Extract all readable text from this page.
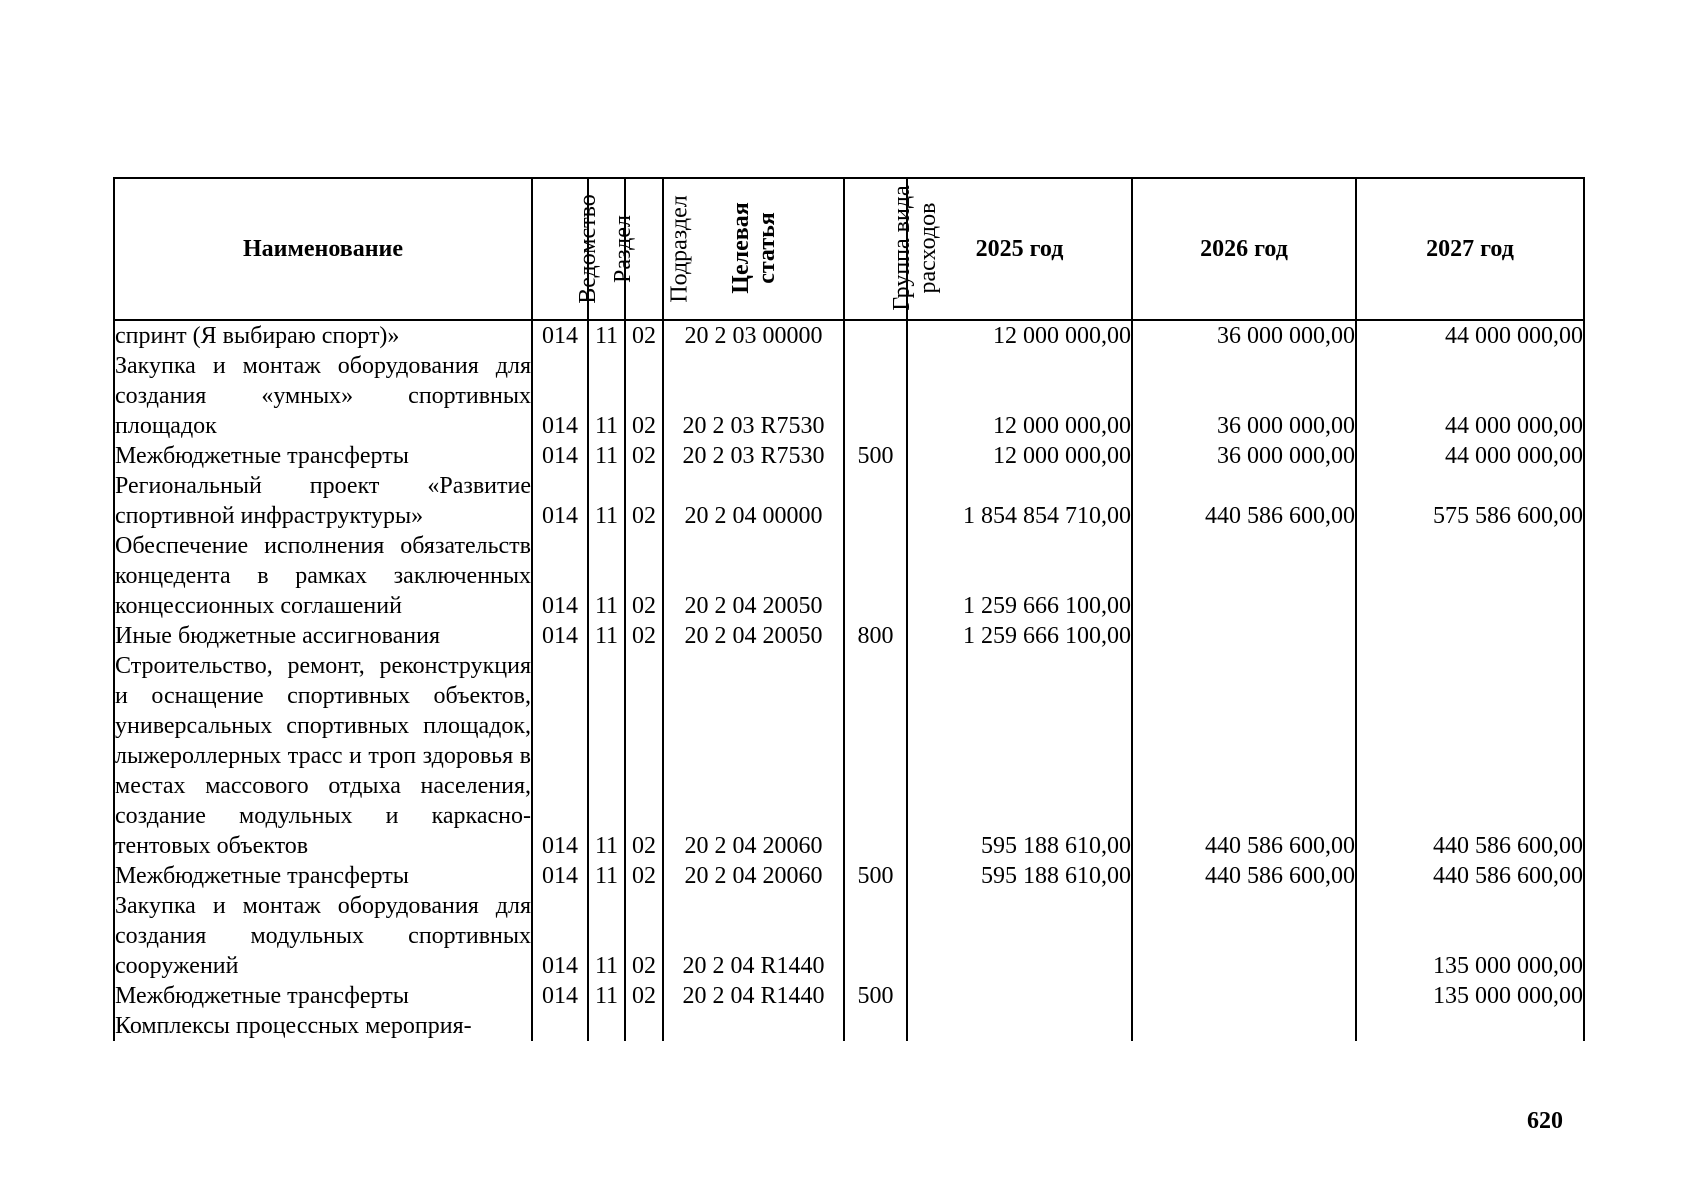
Наименование	Ведомство	Раздел	Подраздел	Целевая статья	Группа вида расходов	2025 год	2026 год	2027 год
спринт (Я выбираю спорт)»	014	11	02	20 2 03 00000		12 000 000,00	36 000 000,00	44 000 000,00
Закупка и монтаж оборудования для создания «умных» спортивных площадок	014	11	02	20 2 03 R7530		12 000 000,00	36 000 000,00	44 000 000,00
Межбюджетные трансферты	014	11	02	20 2 03 R7530	500	12 000 000,00	36 000 000,00	44 000 000,00
Региональный проект «Развитие спортивной инфраструктуры»	014	11	02	20 2 04 00000		1 854 854 710,00	440 586 600,00	575 586 600,00
Обеспечение исполнения обязательств концедента в рамках заключенных концессионных соглашений	014	11	02	20 2 04 20050		1 259 666 100,00		
Иные бюджетные ассигнования	014	11	02	20 2 04 20050	800	1 259 666 100,00		
Строительство, ремонт, реконструкция и оснащение спортивных объектов, универсальных спортивных площадок, лыжероллерных трасс и троп здоровья в местах массового отдыха населения, создание модульных и каркасно-тентовых объектов	014	11	02	20 2 04 20060		595 188 610,00	440 586 600,00	440 586 600,00
Межбюджетные трансферты	014	11	02	20 2 04 20060	500	595 188 610,00	440 586 600,00	440 586 600,00
Закупка и монтаж оборудования для создания модульных спортивных сооружений	014	11	02	20 2 04 R1440				135 000 000,00
Межбюджетные трансферты	014	11	02	20 2 04 R1440	500			135 000 000,00
Комплексы процессных мероприя-								
620
